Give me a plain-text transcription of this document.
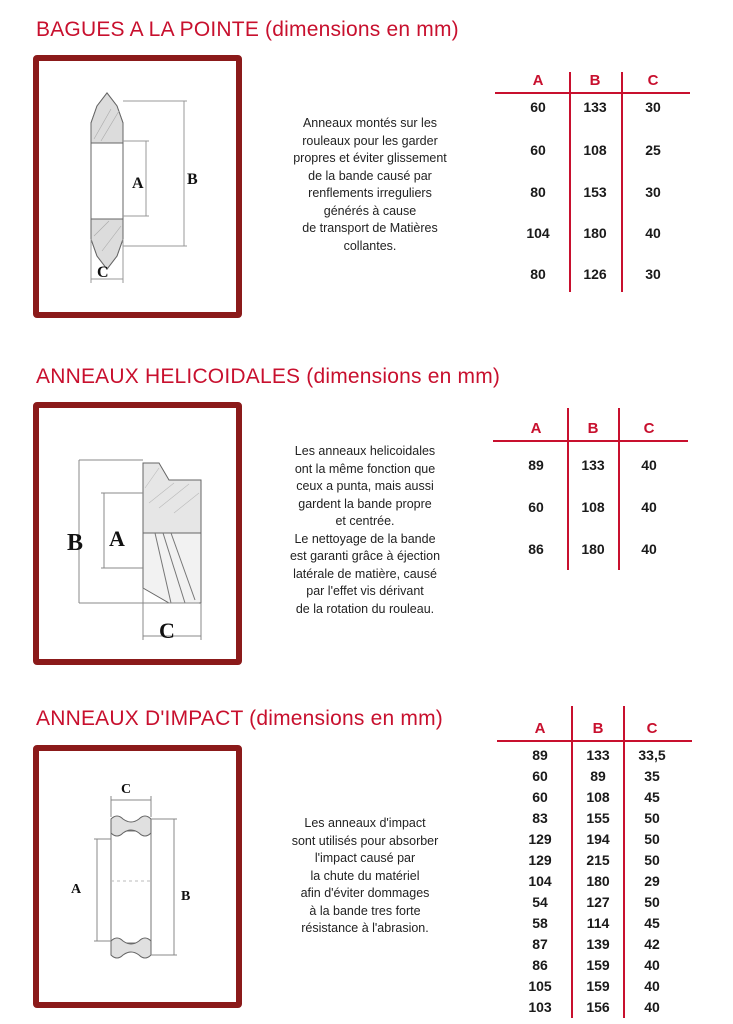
BAGUES A LA POINTE (dimensions en mm)
A	B
C
Anneaux montés sur les
rouleaux pour les garder
propres et éviter glissement
de la bande causé par
renflements irreguliers
générés à cause
de transport de Matières
collantes.
A	B	C
60	133	30
60	108	25
80	153	30
104	180	40
80	126	30
ANNEAUX HELICOIDALES (dimensions en mm)
B A
C
Les anneaux helicoidales
ont la même fonction que
ceux a punta, mais aussi
gardent la bande propre
et centrée.
Le nettoyage de la bande
est garanti grâce à éjection
latérale de matière, causé
par l'effet vis dérivant
de la rotation du rouleau.
A	B	C
89	133	40
60	108	40
86	180	40
ANNEAUX D'IMPACT (dimensions en mm)
C
A	B
Les anneaux d'impact
sont utilisés pour absorber
l'impact causé par
la chute du matériel
afin d'éviter dommages
à la bande tres forte
résistance à l'abrasion.
A	B	C
89	133	33,5
60	89	35
60	108	45
83	155	50
129	194	50
129	215	50
104	180	29
54	127	50
58	114	45
87	139	42
86	159	40
105	159	40
103	156	40
